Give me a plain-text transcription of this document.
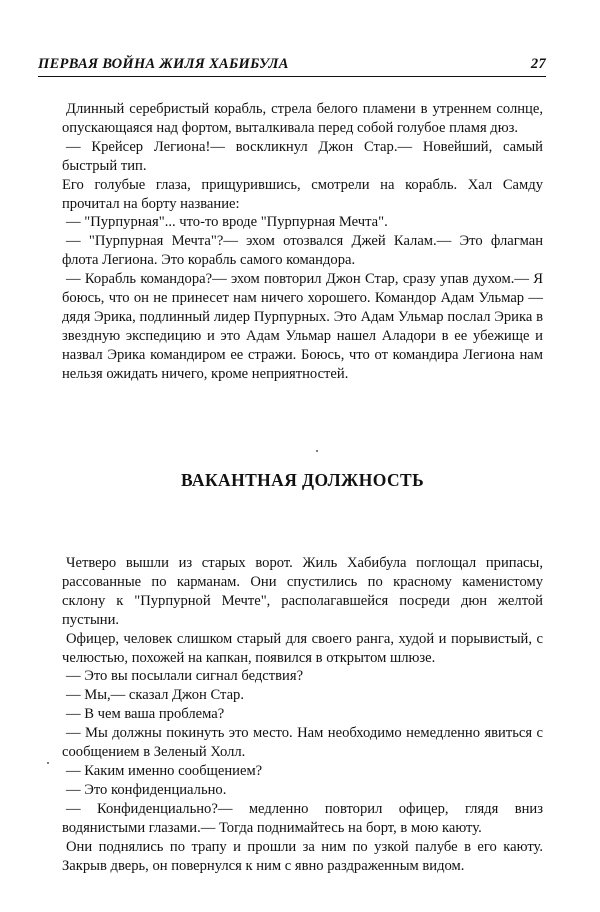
ПЕРВАЯ ВОЙНА ЖИЛЯ ХАБИБУЛА	27

Длинный серебристый корабль, стрела белого пламени в утреннем солнце, опускающаяся над фортом, выталкивала перед собой голубое пламя дюз.

— Крейсер Легиона!— воскликнул Джон Стар.— Новейший, самый быстрый тип.

Его голубые глаза, прищурившись, смотрели на корабль. Хал Самду прочитал на борту название:

— "Пурпурная"... что-то вроде "Пурпурная Мечта".

— "Пурпурная Мечта"?— эхом отозвался Джей Калам.— Это флагман флота Легиона. Это корабль самого командора.

— Корабль командора?— эхом повторил Джон Стар, сразу упав духом.— Я боюсь, что он не принесет нам ничего хорошего. Командор Адам Ульмар — дядя Эрика, подлинный лидер Пурпурных. Это Адам Ульмар послал Эрика в звездную экспедицию и это Адам Ульмар нашел Аладори в ее убежище и назвал Эрика командиром ее стражи. Боюсь, что от командира Легиона нам нельзя ожидать ничего, кроме неприятностей.

ВАКАНТНАЯ ДОЛЖНОСТЬ

Четверо вышли из старых ворот. Жиль Хабибула поглощал припасы, рассованные по карманам. Они спустились по красному каменистому склону к "Пурпурной Мечте", располагавшейся посреди дюн желтой пустыни.

Офицер, человек слишком старый для своего ранга, худой и порывистый, с челюстью, похожей на капкан, появился в открытом шлюзе.

— Это вы посылали сигнал бедствия?

— Мы,— сказал Джон Стар.

— В чем ваша проблема?

— Мы должны покинуть это место. Нам необходимо немедленно явиться с сообщением в Зеленый Холл.

— Каким именно сообщением?

— Это конфиденциально.

— Конфиденциально?— медленно повторил офицер, глядя вниз водянистыми глазами.— Тогда поднимайтесь на борт, в мою каюту.

Они поднялись по трапу и прошли за ним по узкой палубе в его каюту. Закрыв дверь, он повернулся к ним с явно раздраженным видом.
